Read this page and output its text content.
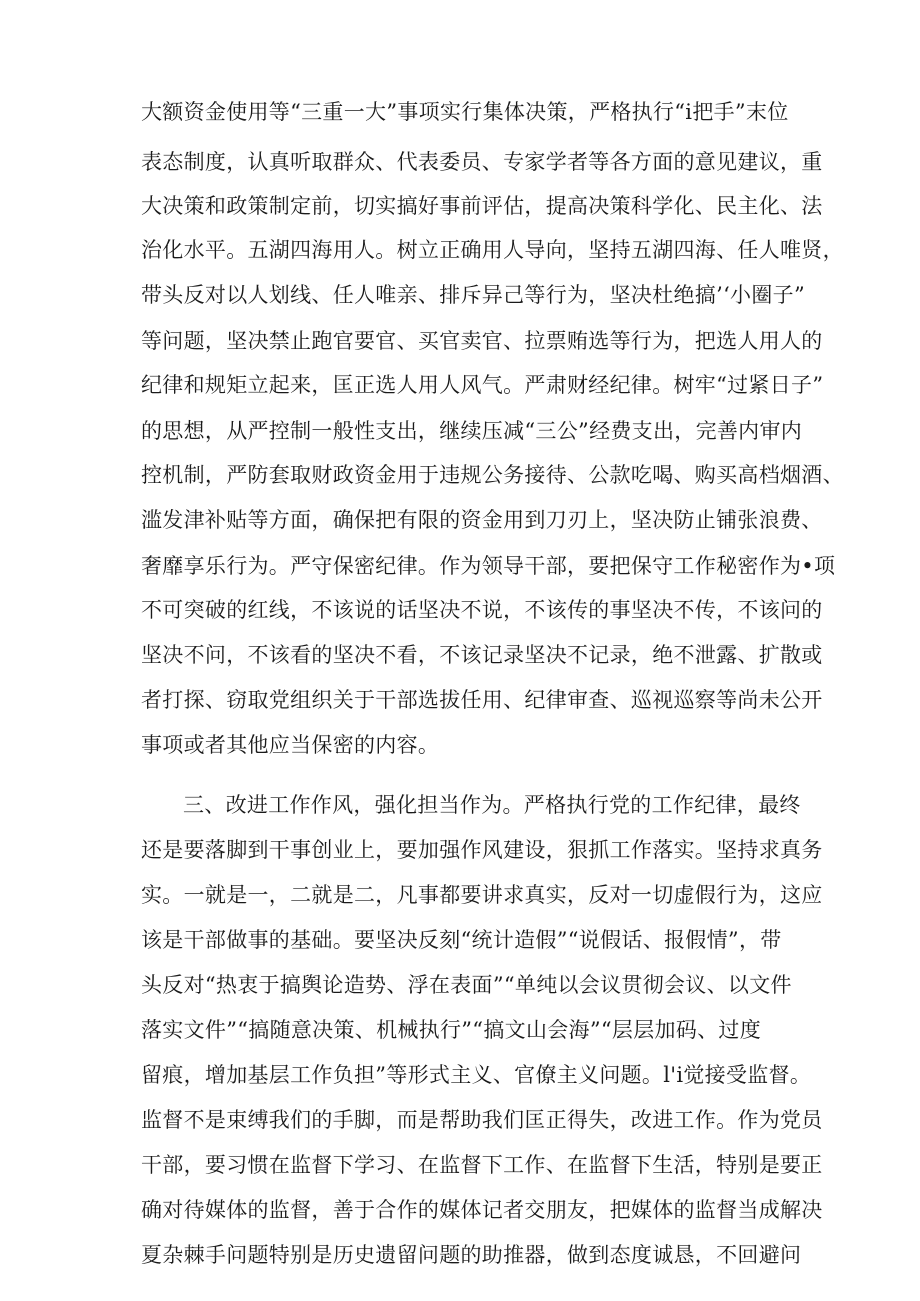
大额资金使用等“三重一大”事项实行集体决策，严格执行“i把手”末位
表态制度，认真听取群众、代表委员、专家学者等各方面的意见建议，重
大决策和政策制定前，切实搞好事前评估，提高决策科学化、民主化、法
治化水平。五湖四海用人。树立正确用人导向，坚持五湖四海、任人唯贤，
带头反对以人划线、任人唯亲、排斥异己等行为，坚决杜绝搞’‘小圈子”
等问题，坚决禁止跑官要官、买官卖官、拉票贿选等行为，把选人用人的
纪律和规矩立起来，匡正选人用人风气。严肃财经纪律。树牢“过紧日子”
的思想，从严控制一般性支出，继续压减“三公”经费支出，完善内审内
控机制，严防套取财政资金用于违规公务接待、公款吃喝、购买高档烟酒、
滥发津补贴等方面，确保把有限的资金用到刀刃上，坚决防止铺张浪费、
奢靡享乐行为。严守保密纪律。作为领导干部，要把保守工作秘密作为•项
不可突破的红线，不该说的话坚决不说，不该传的事坚决不传，不该问的
坚决不问，不该看的坚决不看，不该记录坚决不记录，绝不泄露、扩散或
者打探、窃取党组织关于干部选拔任用、纪律审查、巡视巡察等尚未公开
事项或者其他应当保密的内容。
三、改进工作作风，强化担当作为。严格执行党的工作纪律，最终
还是要落脚到干事创业上，要加强作风建设，狠抓工作落实。坚持求真务
实。一就是一，二就是二，凡事都要讲求真实，反对一切虚假行为，这应
该是干部做事的基础。要坚决反刻“统计造假”“说假话、报假情”，带
头反对“热衷于搞舆论造势、浮在表面”“单纯以会议贯彻会议、以文件
落实文件”“搞随意决策、机械执行”“搞文山会海”“层层加码、过度
留痕，增加基层工作负担”等形式主义、官僚主义问题。l'i觉接受监督。
监督不是束缚我们的手脚，而是帮助我们匡正得失，改进工作。作为党员
干部，要习惯在监督下学习、在监督下工作、在监督下生活，特别是要正
确对待媒体的监督，善于合作的媒体记者交朋友，把媒体的监督当成解决
夏杂棘手问题特别是历史遗留问题的助推器，做到态度诚恳，不回避问
